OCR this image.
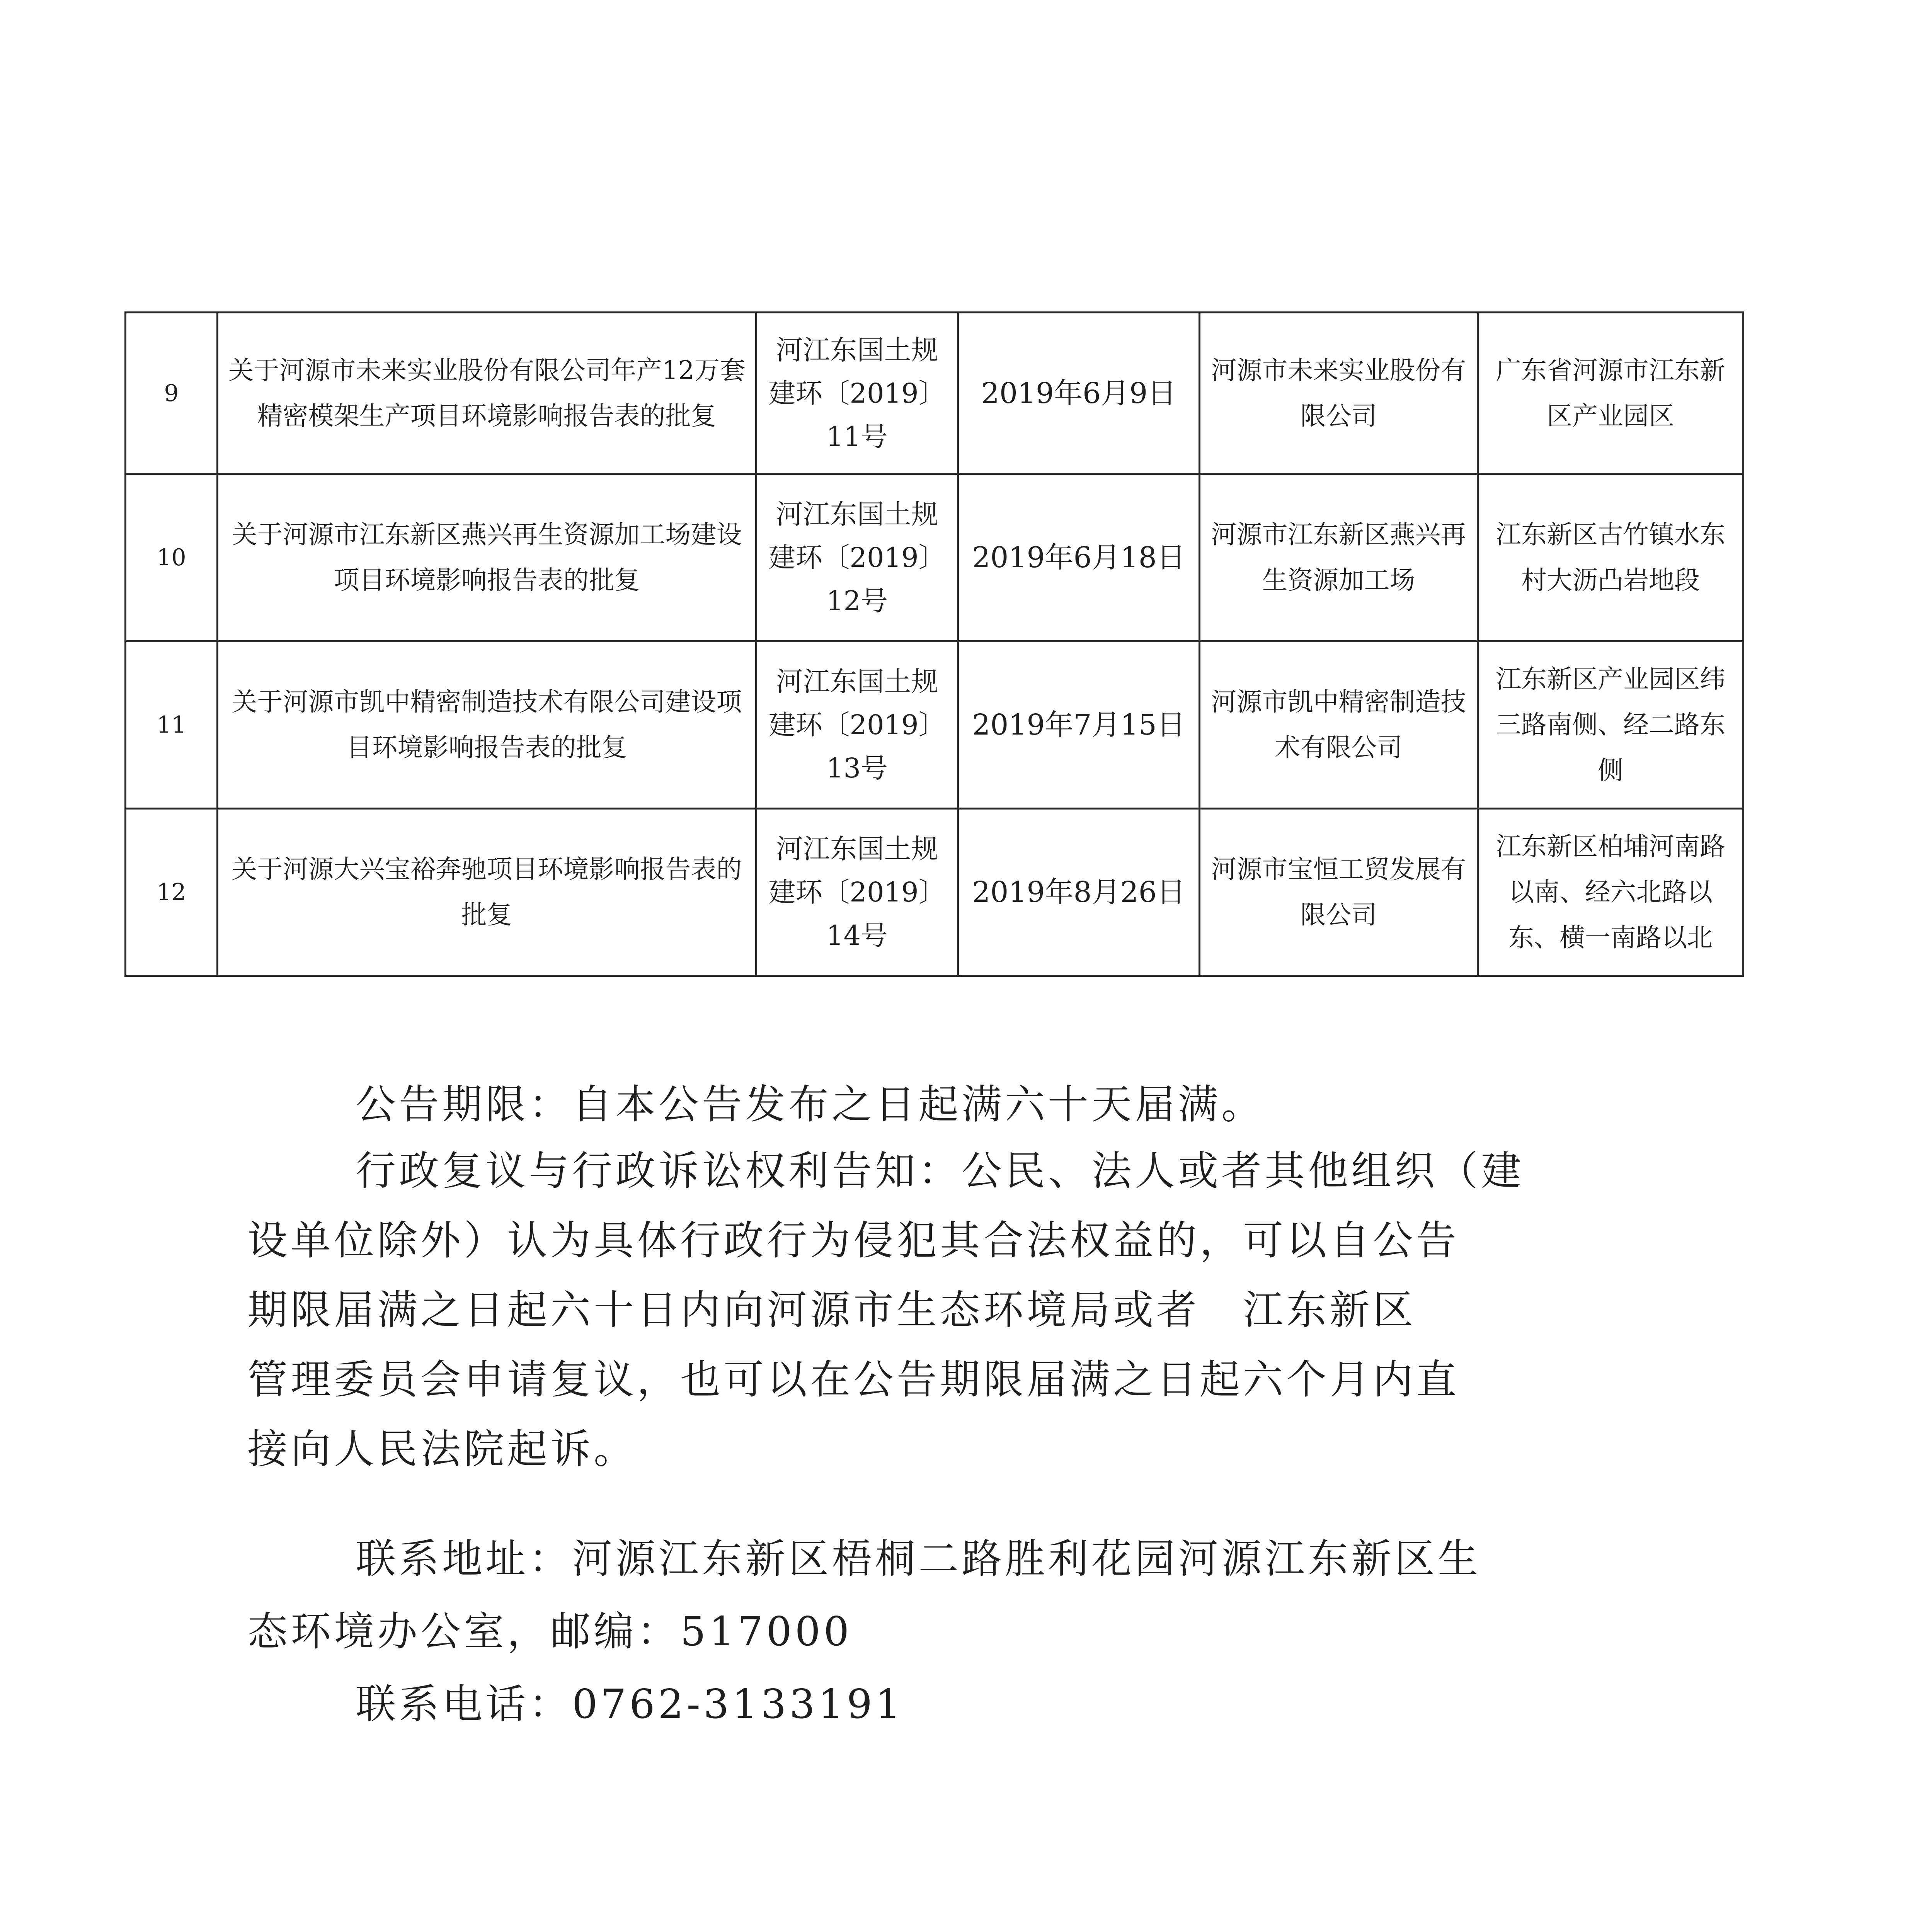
9	关于河源市未来实业股份有限公司年产12万套精密模架生产项目环境影响报告表的批复	河江东国土规建环〔2019〕11号	2019年6月9日	河源市未来实业股份有限公司	广东省河源市江东新区产业园区
10	关于河源市江东新区燕兴再生资源加工场建设项目环境影响报告表的批复	河江东国土规建环〔2019〕12号	2019年6月18日	河源市江东新区燕兴再生资源加工场	江东新区古竹镇水东村大沥凸岩地段
11	关于河源市凯中精密制造技术有限公司建设项目环境影响报告表的批复	河江东国土规建环〔2019〕13号	2019年7月15日	河源市凯中精密制造技术有限公司	江东新区产业园区纬三路南侧、经二路东侧
12	关于河源大兴宝裕奔驰项目环境影响报告表的批复	河江东国土规建环〔2019〕14号	2019年8月26日	河源市宝恒工贸发展有限公司	江东新区柏埔河南路以南、经六北路以东、横一南路以北

公告期限：自本公告发布之日起满六十天届满。

行政复议与行政诉讼权利告知：公民、法人或者其他组织（建

设单位除外）认为具体行政行为侵犯其合法权益的，可以自公告

期限届满之日起六十日内向河源市生态环境局或者　江东新区

管理委员会申请复议，也可以在公告期限届满之日起六个月内直

接向人民法院起诉。

联系地址：河源江东新区梧桐二路胜利花园河源江东新区生

态环境办公室，邮编：517000

联系电话：0762-3133191
